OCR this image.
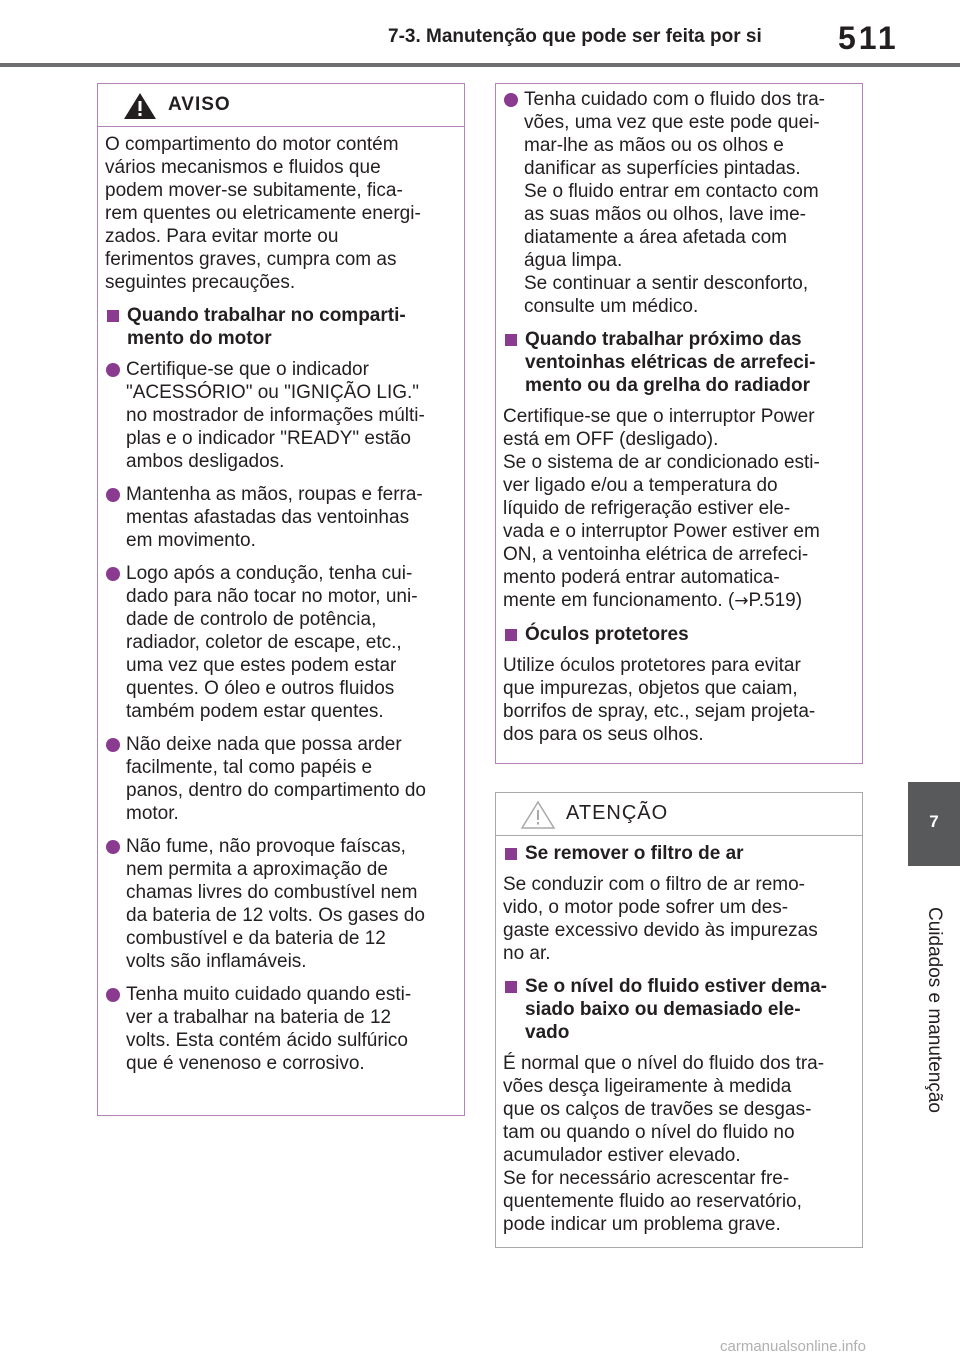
7-3. Manutenção que pode ser feita por si	511
7
Cuidados e manutenção
AVISO
O compartimento do motor contém
vários mecanismos e fluidos que
podem mover-se subitamente, fica-
rem quentes ou eletricamente energi-
zados. Para evitar morte ou
ferimentos graves, cumpra com as
seguintes precauções.
Quando trabalhar no comparti-
mento do motor
Certifique-se que o indicador
"ACESSÓRIO" ou "IGNIÇÃO LIG."
no mostrador de informações múlti-
plas e o indicador "READY" estão
ambos desligados.
Mantenha as mãos, roupas e ferra-
mentas afastadas das ventoinhas
em movimento.
Logo após a condução, tenha cui-
dado para não tocar no motor, uni-
dade de controlo de potência,
radiador, coletor de escape, etc.,
uma vez que estes podem estar
quentes. O óleo e outros fluidos
também podem estar quentes.
Não deixe nada que possa arder
facilmente, tal como papéis e
panos, dentro do compartimento do
motor.
Não fume, não provoque faíscas,
nem permita a aproximação de
chamas livres do combustível nem
da bateria de 12 volts. Os gases do
combustível e da bateria de 12
volts são inflamáveis.
Tenha muito cuidado quando esti-
ver a trabalhar na bateria de 12
volts. Esta contém ácido sulfúrico
que é venenoso e corrosivo.
Tenha cuidado com o fluido dos tra-
vões, uma vez que este pode quei-
mar-lhe as mãos ou os olhos e
danificar as superfícies pintadas.
Se o fluido entrar em contacto com
as suas mãos ou olhos, lave ime-
diatamente a área afetada com
água limpa.
Se continuar a sentir desconforto,
consulte um médico.
Quando trabalhar próximo das
ventoinhas elétricas de arrefeci-
mento ou da grelha do radiador
Certifique-se que o interruptor Power
está em OFF (desligado).
Se o sistema de ar condicionado esti-
ver ligado e/ou a temperatura do
líquido de refrigeração estiver ele-
vada e o interruptor Power estiver em
ON, a ventoinha elétrica de arrefeci-
mento poderá entrar automatica-
mente em funcionamento. (→P.519)
Óculos protetores
Utilize óculos protetores para evitar
que impurezas, objetos que caiam,
borrifos de spray, etc., sejam projeta-
dos para os seus olhos.
ATENÇÃO
Se remover o filtro de ar
Se conduzir com o filtro de ar remo-
vido, o motor pode sofrer um des-
gaste excessivo devido às impurezas
no ar.
Se o nível do fluido estiver dema-
siado baixo ou demasiado ele-
vado
É normal que o nível do fluido dos tra-
vões desça ligeiramente à medida
que os calços de travões se desgas-
tam ou quando o nível do fluido no
acumulador estiver elevado.
Se for necessário acrescentar fre-
quentemente fluido ao reservatório,
pode indicar um problema grave.
carmanualsonline.info
